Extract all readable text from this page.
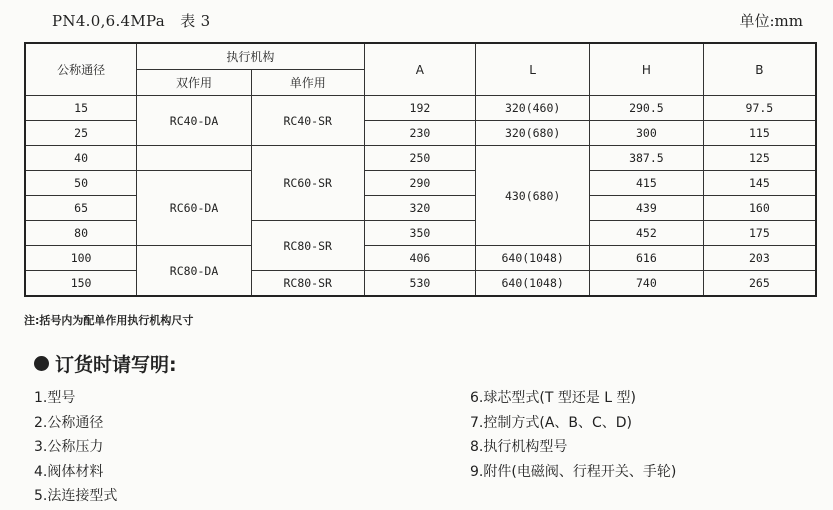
PN4.0,6.4MPa 表 3	单位:mm
公称通径	执行机构		A	L	H	B
	双作用	单作用				
15	RC40-DA	RC40-SR	192	320(460)	290.5	97.5
25			230	320(680)	300	115
40		RC60-SR	250	430(680)	387.5	125
50	RC60-DA		290		415	145
65			320		439	160
80		RC80-SR	350		452	175
100	RC80-DA		406	640(1048)	616	203
150		RC80-SR	530	640(1048)	740	265
注:括号内为配单作用执行机构尺寸
订货时请写明:
1.型号
2.公称通径
3.公称压力
4.阀体材料
5.法连接型式
6.球芯型式(T 型还是 L 型)
7.控制方式(A、B、C、D)
8.执行机构型号
9.附件(电磁阀、行程开关、手轮)
